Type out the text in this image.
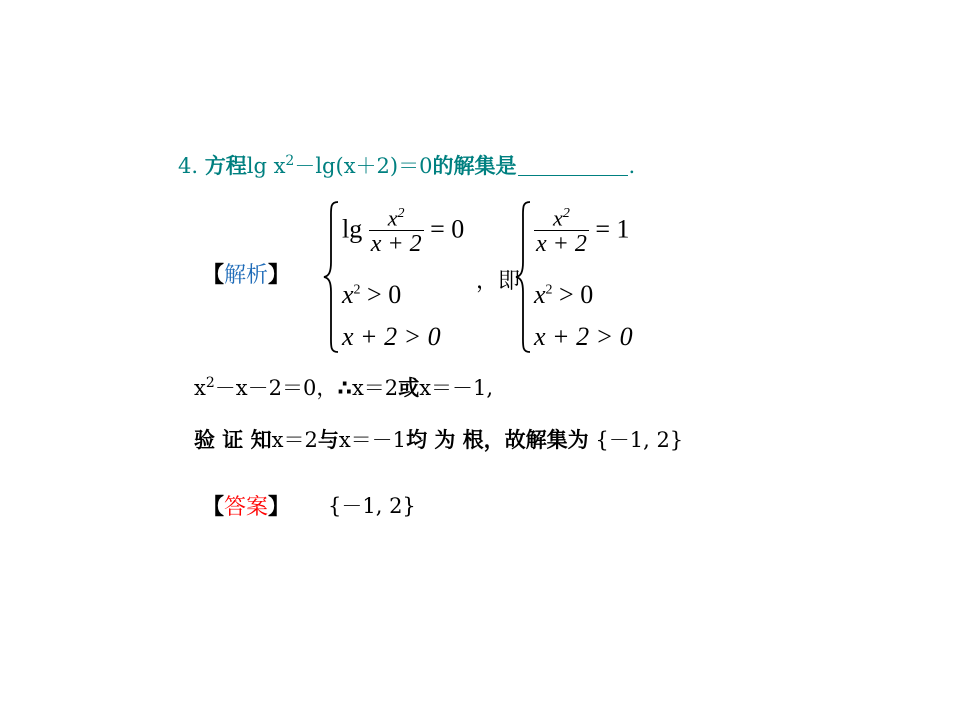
4. 方程$\lg x^2-\lg(x+2)=0$的解集是	.
【解析】
$\lg \frac{x^2}{x + 2} = 0$
$x^2 > 0$
x + 2 > 0
，即
$\frac{x^2}{x + 2} = 1$
$x^2 > 0$
x + 2 > 0
$x^2-x-2=0$，∴x＝2或x＝－1,
验 证 知x＝2与x＝－1均 为 根，故解集为 {－1, 2}
【答案】 {－1, 2}
